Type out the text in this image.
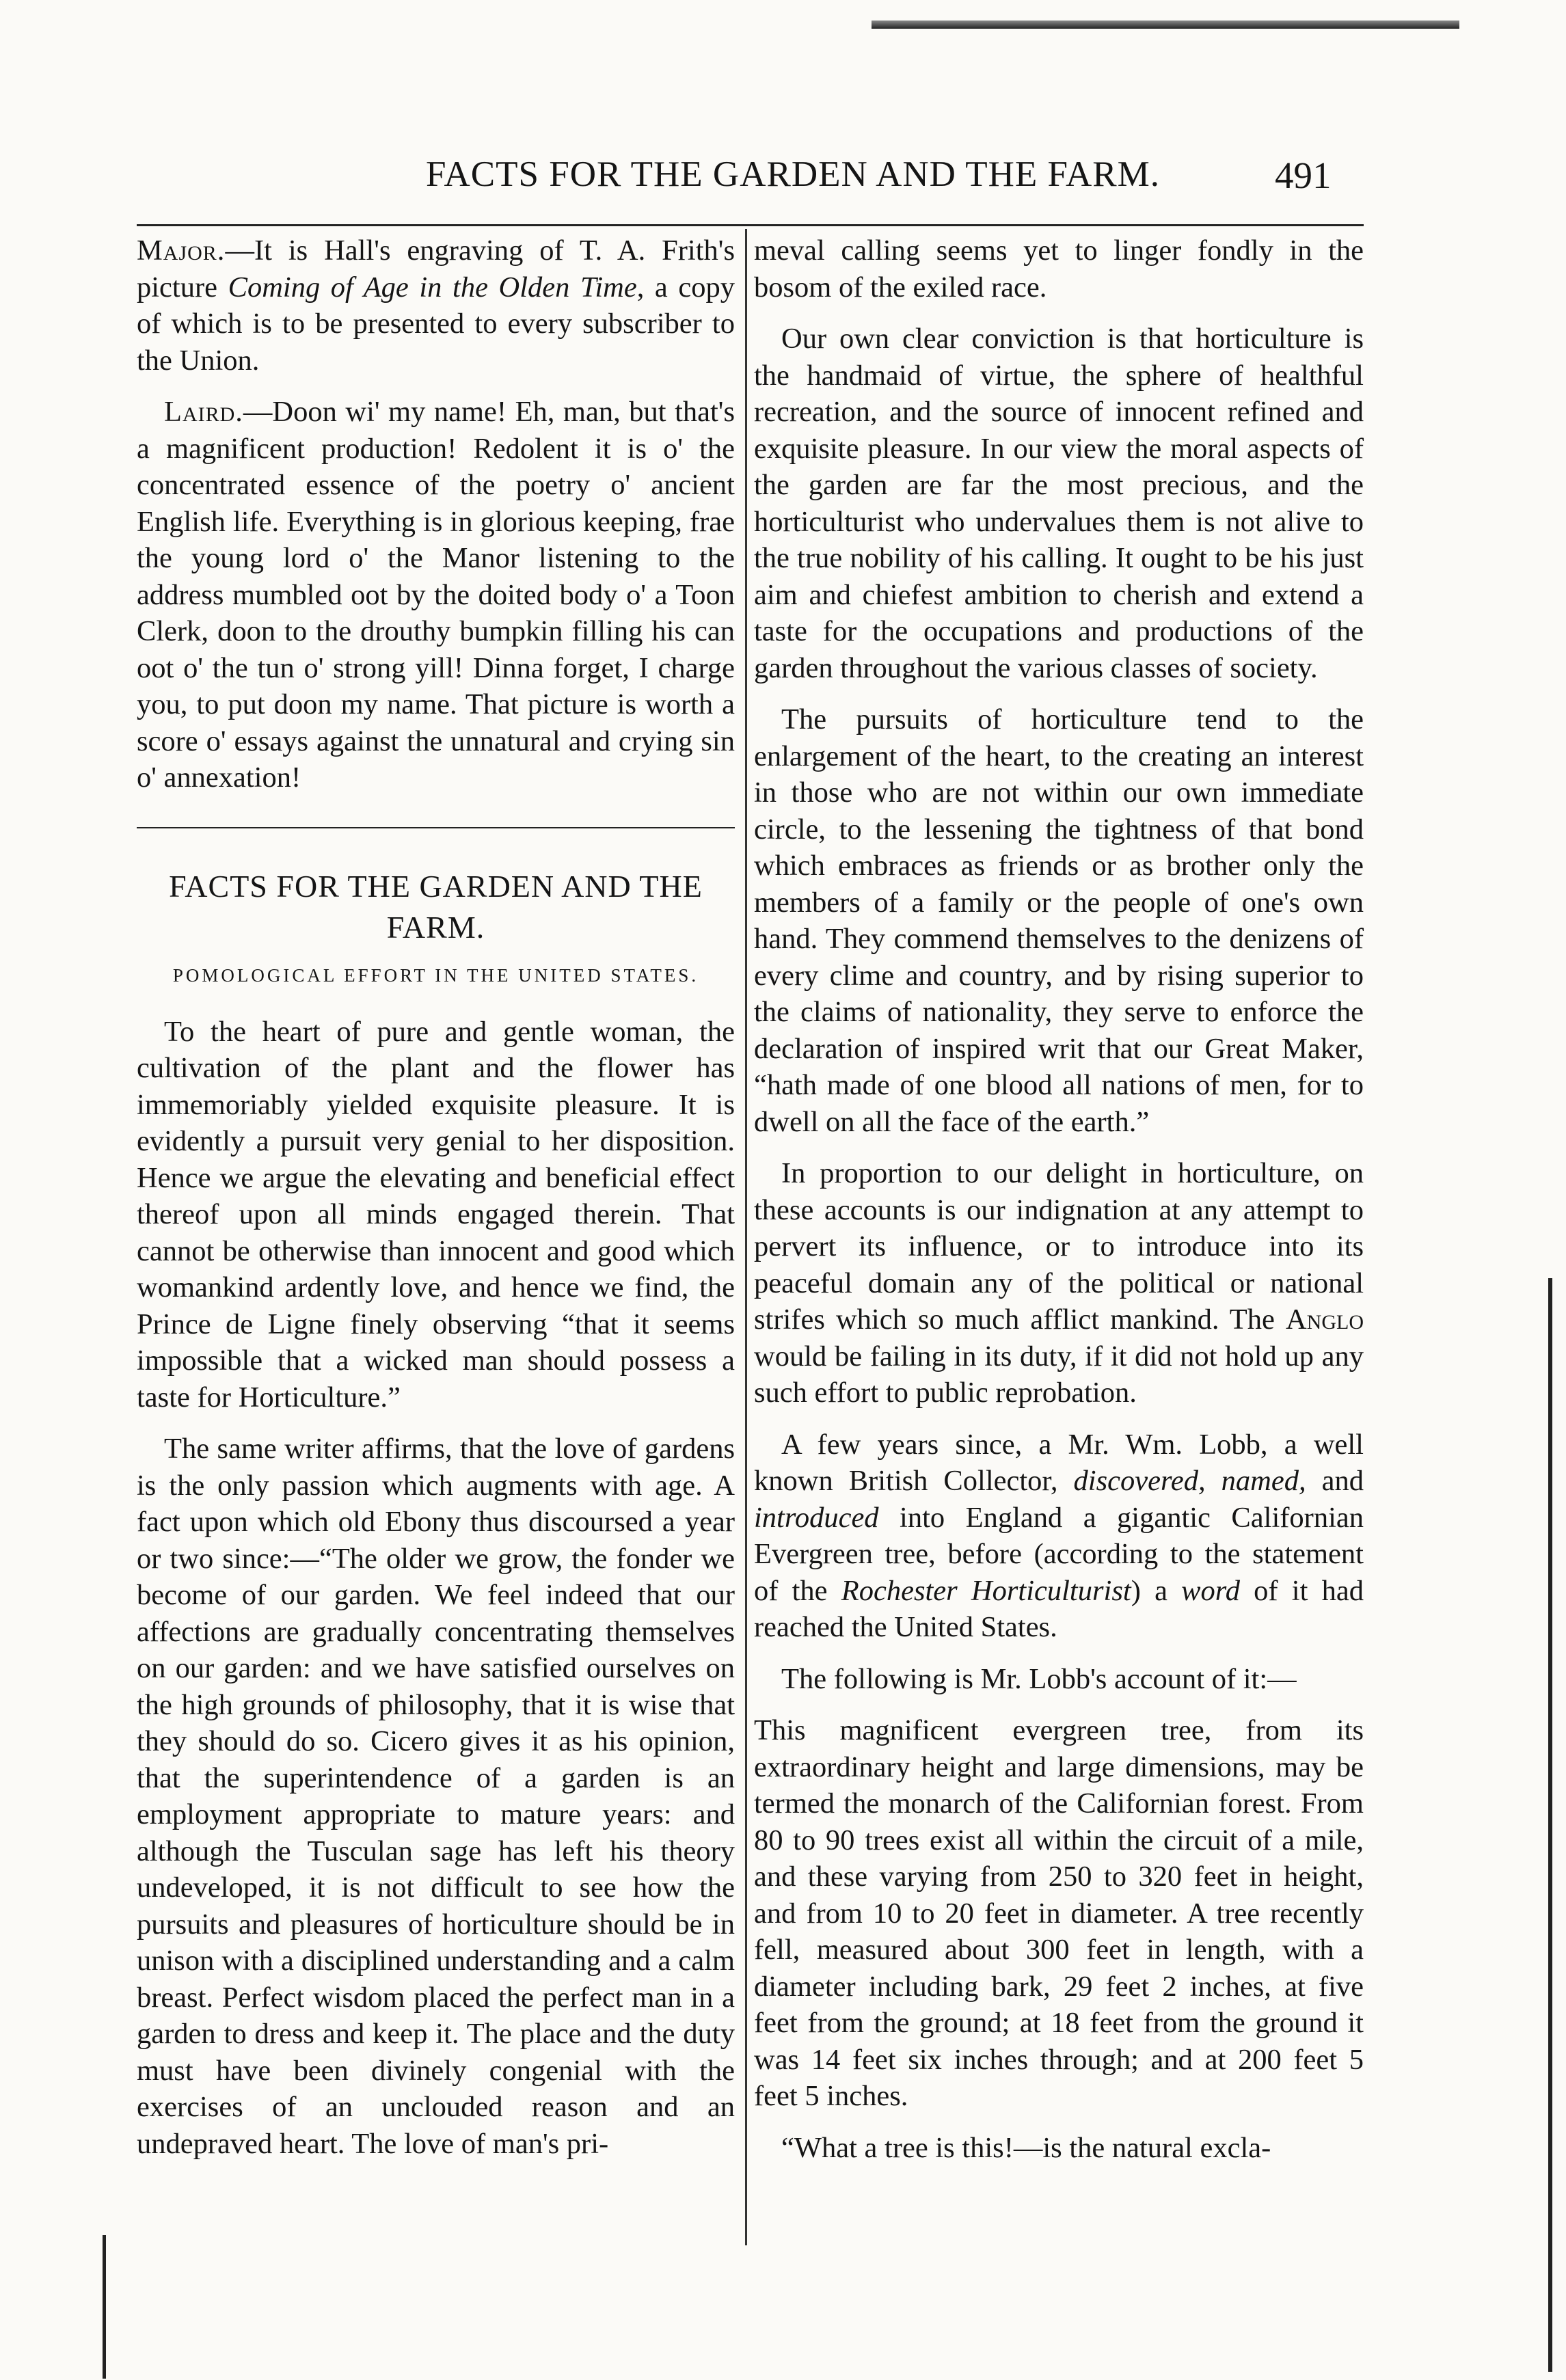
FACTS FOR THE GARDEN AND THE FARM.	491

Major.—It is Hall's engraving of T. A. Frith's picture Coming of Age in the Olden Time, a copy of which is to be presented to every subscriber to the Union.

Laird.—Doon wi' my name! Eh, man, but that's a magnificent production! Redolent it is o' the concentrated essence of the poetry o' ancient English life. Everything is in glorious keeping, frae the young lord o' the Manor listening to the address mumbled oot by the doited body o' a Toon Clerk, doon to the drouthy bumpkin filling his can oot o' the tun o' strong yill! Dinna forget, I charge you, to put doon my name. That picture is worth a score o' essays against the unnatural and crying sin o' annexation!

FACTS FOR THE GARDEN AND THE FARM.
POMOLOGICAL EFFORT IN THE UNITED STATES.

To the heart of pure and gentle woman, the cultivation of the plant and the flower has immemoriably yielded exquisite pleasure. It is evidently a pursuit very genial to her disposition. Hence we argue the elevating and beneficial effect thereof upon all minds engaged therein. That cannot be otherwise than innocent and good which womankind ardently love, and hence we find, the Prince de Ligne finely observing “that it seems impossible that a wicked man should possess a taste for Horticulture.”

The same writer affirms, that the love of gardens is the only passion which augments with age. A fact upon which old Ebony thus discoursed a year or two since:—“The older we grow, the fonder we become of our garden. We feel indeed that our affections are gradually concentrating themselves on our garden: and we have satisfied ourselves on the high grounds of philosophy, that it is wise that they should do so. Cicero gives it as his opinion, that the superintendence of a garden is an employment appropriate to mature years: and although the Tusculan sage has left his theory undeveloped, it is not difficult to see how the pursuits and pleasures of horticulture should be in unison with a disciplined understanding and a calm breast. Perfect wisdom placed the perfect man in a garden to dress and keep it. The place and the duty must have been divinely congenial with the exercises of an unclouded reason and an undepraved heart. The love of man's pri-

meval calling seems yet to linger fondly in the bosom of the exiled race.

Our own clear conviction is that horticulture is the handmaid of virtue, the sphere of healthful recreation, and the source of innocent refined and exquisite pleasure. In our view the moral aspects of the garden are far the most precious, and the horticulturist who undervalues them is not alive to the true nobility of his calling. It ought to be his just aim and chiefest ambition to cherish and extend a taste for the occupations and productions of the garden throughout the various classes of society.

The pursuits of horticulture tend to the enlargement of the heart, to the creating an interest in those who are not within our own immediate circle, to the lessening the tightness of that bond which embraces as friends or as brother only the members of a family or the people of one's own hand. They commend themselves to the denizens of every clime and country, and by rising superior to the claims of nationality, they serve to enforce the declaration of inspired writ that our Great Maker, “hath made of one blood all nations of men, for to dwell on all the face of the earth.”

In proportion to our delight in horticulture, on these accounts is our indignation at any attempt to pervert its influence, or to introduce into its peaceful domain any of the political or national strifes which so much afflict mankind. The Anglo would be failing in its duty, if it did not hold up any such effort to public reprobation.

A few years since, a Mr. Wm. Lobb, a well known British Collector, discovered, named, and introduced into England a gigantic Californian Evergreen tree, before (according to the statement of the Rochester Horticulturist) a word of it had reached the United States.

The following is Mr. Lobb's account of it:—

This magnificent evergreen tree, from its extraordinary height and large dimensions, may be termed the monarch of the Californian forest. From 80 to 90 trees exist all within the circuit of a mile, and these varying from 250 to 320 feet in height, and from 10 to 20 feet in diameter. A tree recently fell, measured about 300 feet in length, with a diameter including bark, 29 feet 2 inches, at five feet from the ground; at 18 feet from the ground it was 14 feet six inches through; and at 200 feet 5 feet 5 inches.

“What a tree is this!—is the natural excla-
